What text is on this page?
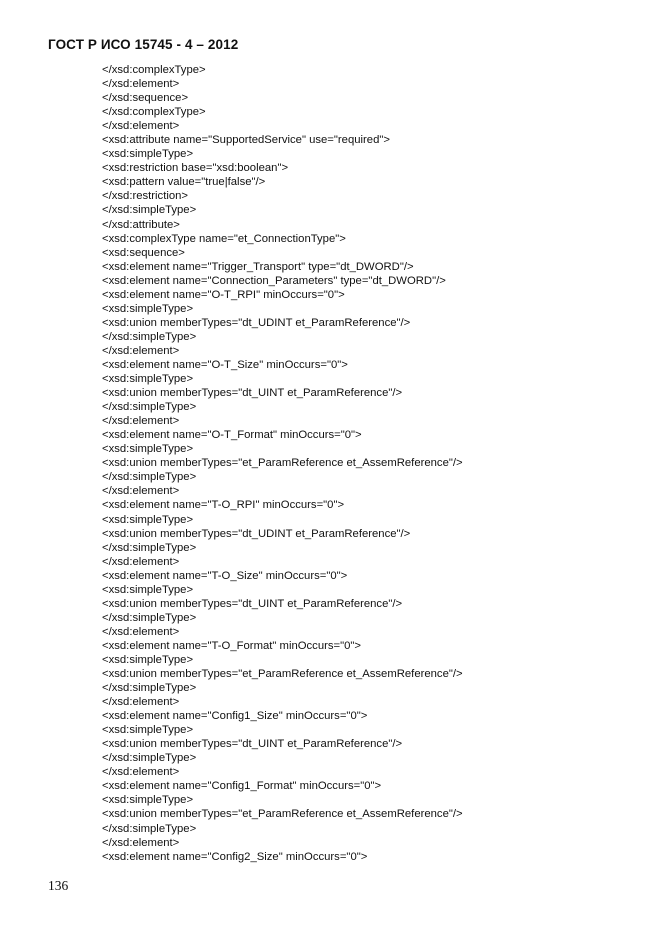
ГОСТ Р ИСО 15745 - 4 – 2012
</xsd:complexType>
</xsd:element>
</xsd:sequence>
</xsd:complexType>
</xsd:element>
<xsd:attribute name="SupportedService" use="required">
<xsd:simpleType>
<xsd:restriction base="xsd:boolean">
<xsd:pattern value="true|false"/>
</xsd:restriction>
</xsd:simpleType>
</xsd:attribute>
<xsd:complexType name="et_ConnectionType">
<xsd:sequence>
<xsd:element name="Trigger_Transport" type="dt_DWORD"/>
<xsd:element name="Connection_Parameters" type="dt_DWORD"/>
<xsd:element name="O-T_RPI" minOccurs="0">
<xsd:simpleType>
<xsd:union memberTypes="dt_UDINT et_ParamReference"/>
</xsd:simpleType>
</xsd:element>
<xsd:element name="O-T_Size" minOccurs="0">
<xsd:simpleType>
<xsd:union memberTypes="dt_UINT et_ParamReference"/>
</xsd:simpleType>
</xsd:element>
<xsd:element name="O-T_Format" minOccurs="0">
<xsd:simpleType>
<xsd:union memberTypes="et_ParamReference et_AssemReference"/>
</xsd:simpleType>
</xsd:element>
<xsd:element name="T-O_RPI" minOccurs="0">
<xsd:simpleType>
<xsd:union memberTypes="dt_UDINT et_ParamReference"/>
</xsd:simpleType>
</xsd:element>
<xsd:element name="T-O_Size" minOccurs="0">
<xsd:simpleType>
<xsd:union memberTypes="dt_UINT et_ParamReference"/>
</xsd:simpleType>
</xsd:element>
<xsd:element name="T-O_Format" minOccurs="0">
<xsd:simpleType>
<xsd:union memberTypes="et_ParamReference et_AssemReference"/>
</xsd:simpleType>
</xsd:element>
<xsd:element name="Config1_Size" minOccurs="0">
<xsd:simpleType>
<xsd:union memberTypes="dt_UINT et_ParamReference"/>
</xsd:simpleType>
</xsd:element>
<xsd:element name="Config1_Format" minOccurs="0">
<xsd:simpleType>
<xsd:union memberTypes="et_ParamReference et_AssemReference"/>
</xsd:simpleType>
</xsd:element>
<xsd:element name="Config2_Size" minOccurs="0">
136
